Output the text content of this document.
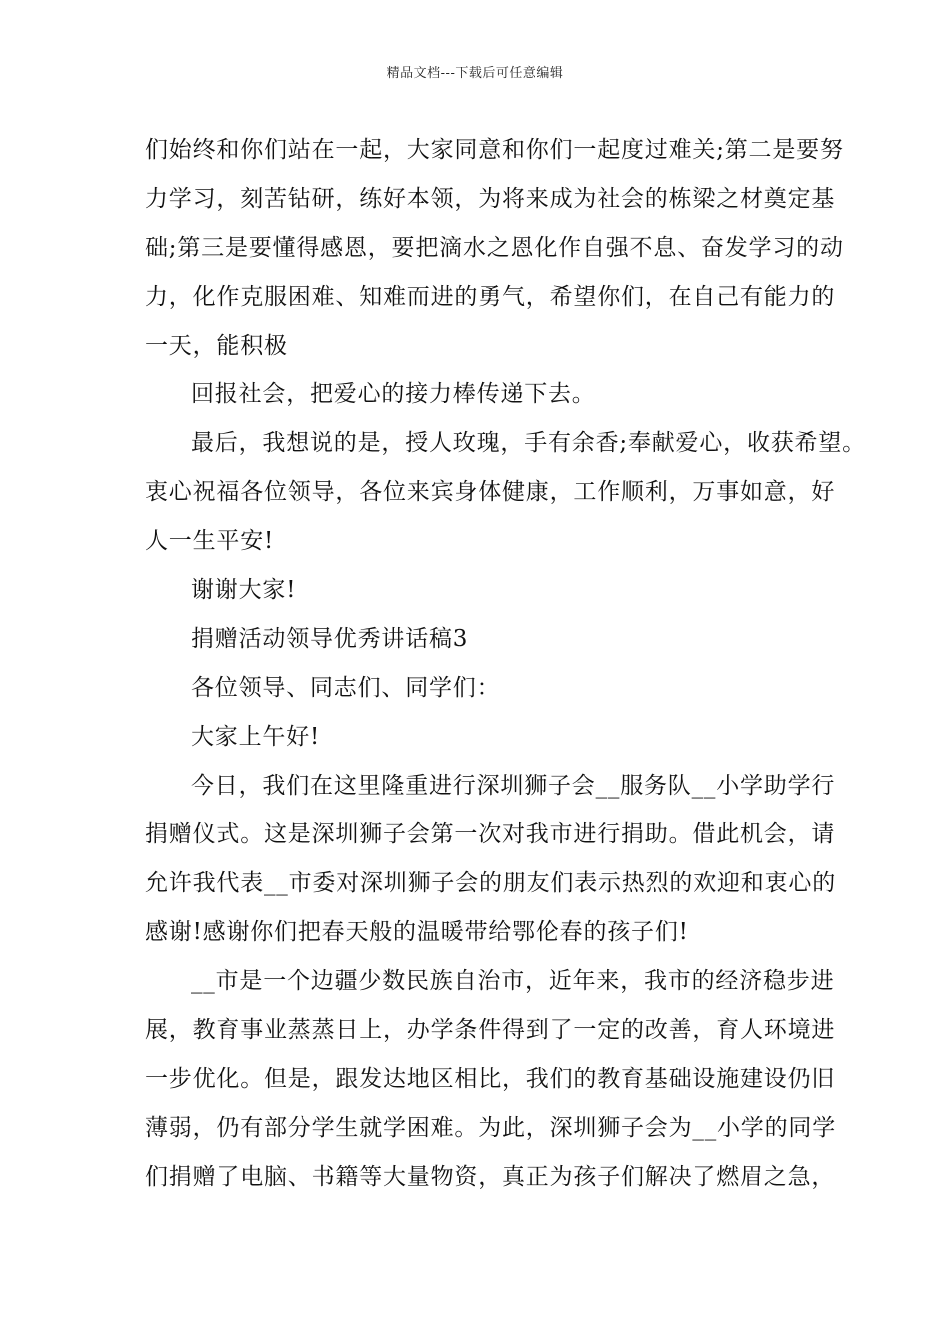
精品文档---下载后可任意编辑
们始终和你们站在一起，大家同意和你们一起度过难关;第二是要努
力学习，刻苦钻研，练好本领，为将来成为社会的栋梁之材奠定基
础;第三是要懂得感恩，要把滴水之恩化作自强不息、奋发学习的动
力，化作克服困难、知难而进的勇气，希望你们，在自己有能力的
一天，能积极
回报社会，把爱心的接力棒传递下去。
最后，我想说的是，授人玫瑰，手有余香;奉献爱心，收获希望。
衷心祝福各位领导，各位来宾身体健康，工作顺利，万事如意，好
人一生平安!
谢谢大家!
捐赠活动领导优秀讲话稿3
各位领导、同志们、同学们：
大家上午好!
今日，我们在这里隆重进行深圳狮子会__服务队__小学助学行
捐赠仪式。这是深圳狮子会第一次对我市进行捐助。借此机会，请
允许我代表__市委对深圳狮子会的朋友们表示热烈的欢迎和衷心的
感谢!感谢你们把春天般的温暖带给鄂伦春的孩子们!
__市是一个边疆少数民族自治市，近年来，我市的经济稳步进
展，教育事业蒸蒸日上，办学条件得到了一定的改善，育人环境进
一步优化。但是，跟发达地区相比，我们的教育基础设施建设仍旧
薄弱，仍有部分学生就学困难。为此，深圳狮子会为__小学的同学
们捐赠了电脑、书籍等大量物资，真正为孩子们解决了燃眉之急，
